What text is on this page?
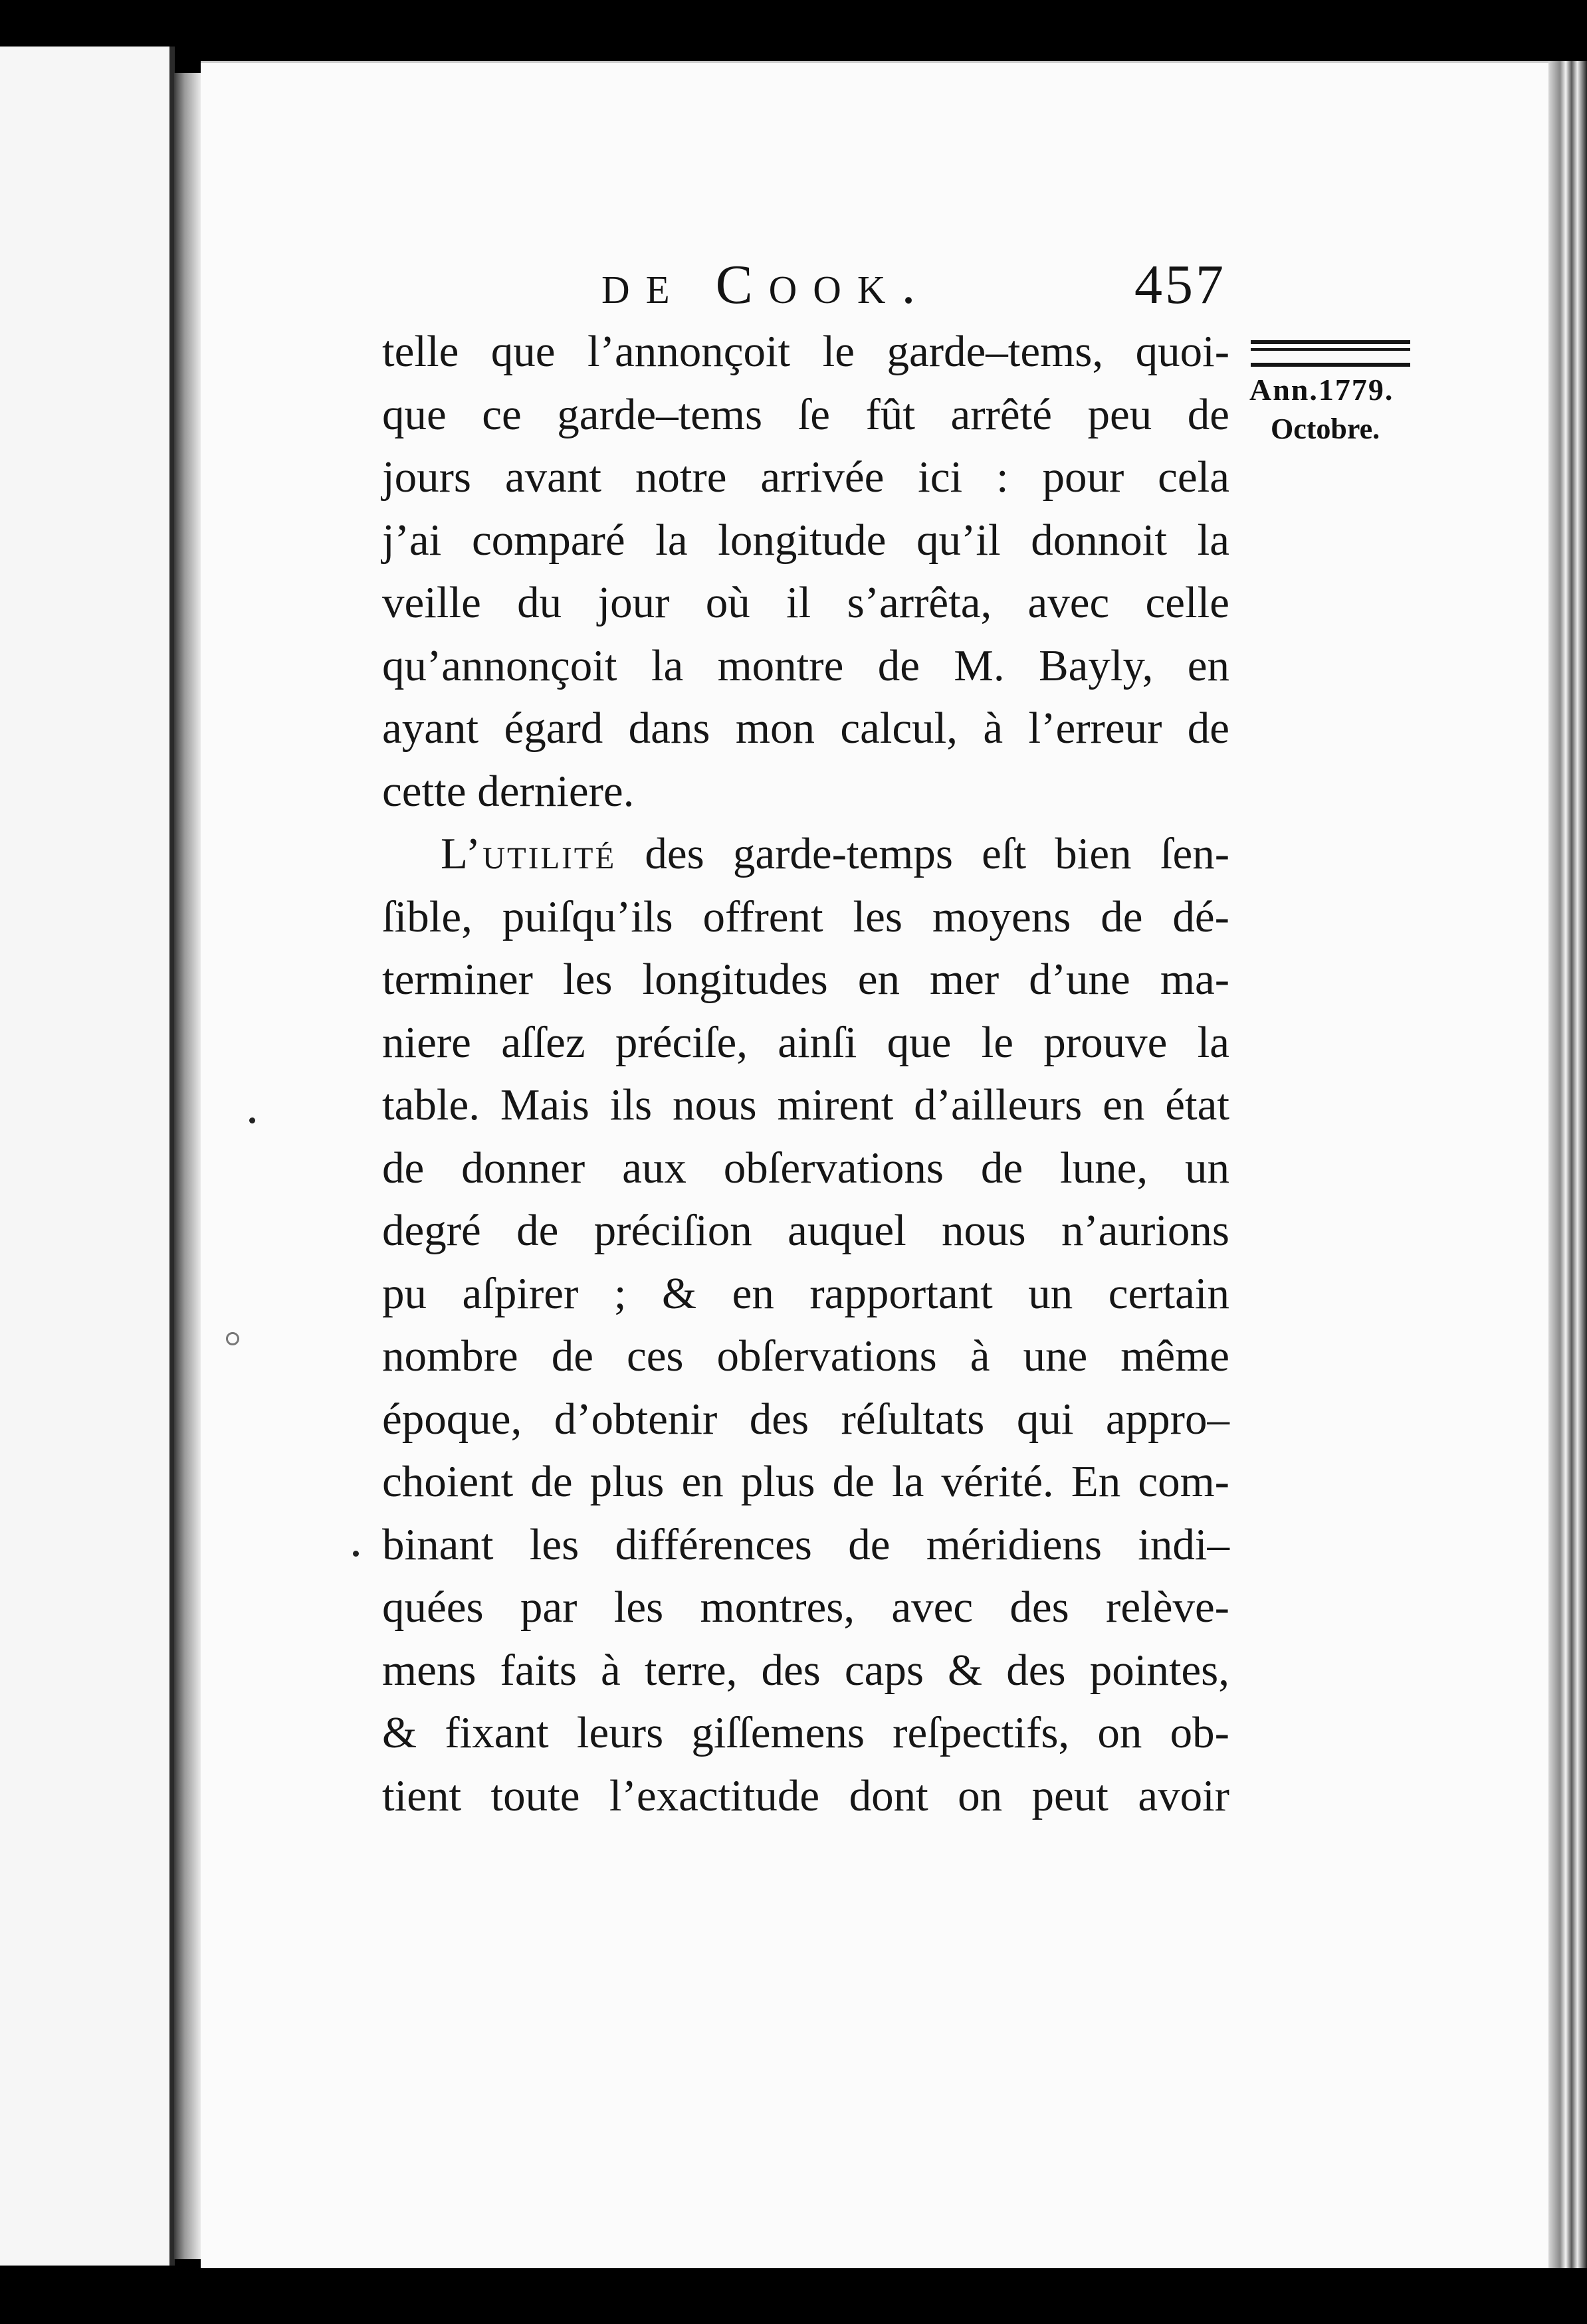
de Cook.	457
Ann.1779.
Octobre.
telle que l’annonçoit le garde–tems, quoi-
que ce garde–tems ſe fût arrêté peu de
jours avant notre arrivée ici : pour cela
j’ai comparé la longitude qu’il donnoit la
veille du jour où il s’arrêta, avec celle
qu’annonçoit la montre de M. Bayly, en
ayant égard dans mon calcul, à l’erreur de
cette derniere.
L’utilité des garde-temps eſt bien ſen-
ſible, puiſqu’ils offrent les moyens de dé-
terminer les longitudes en mer d’une ma-
niere aſſez préciſe, ainſi que le prouve la
table. Mais ils nous mirent d’ailleurs en état
de donner aux obſervations de lune, un
degré de préciſion auquel nous n’aurions
pu aſpirer ; & en rapportant un certain
nombre de ces obſervations à une même
époque, d’obtenir des réſultats qui appro–
choient de plus en plus de la vérité. En com-
binant les différences de méridiens indi–
quées par les montres, avec des relève-
mens faits à terre, des caps & des pointes,
& fixant leurs giſſemens reſpectifs, on ob-
tient toute l’exactitude dont on peut avoir
